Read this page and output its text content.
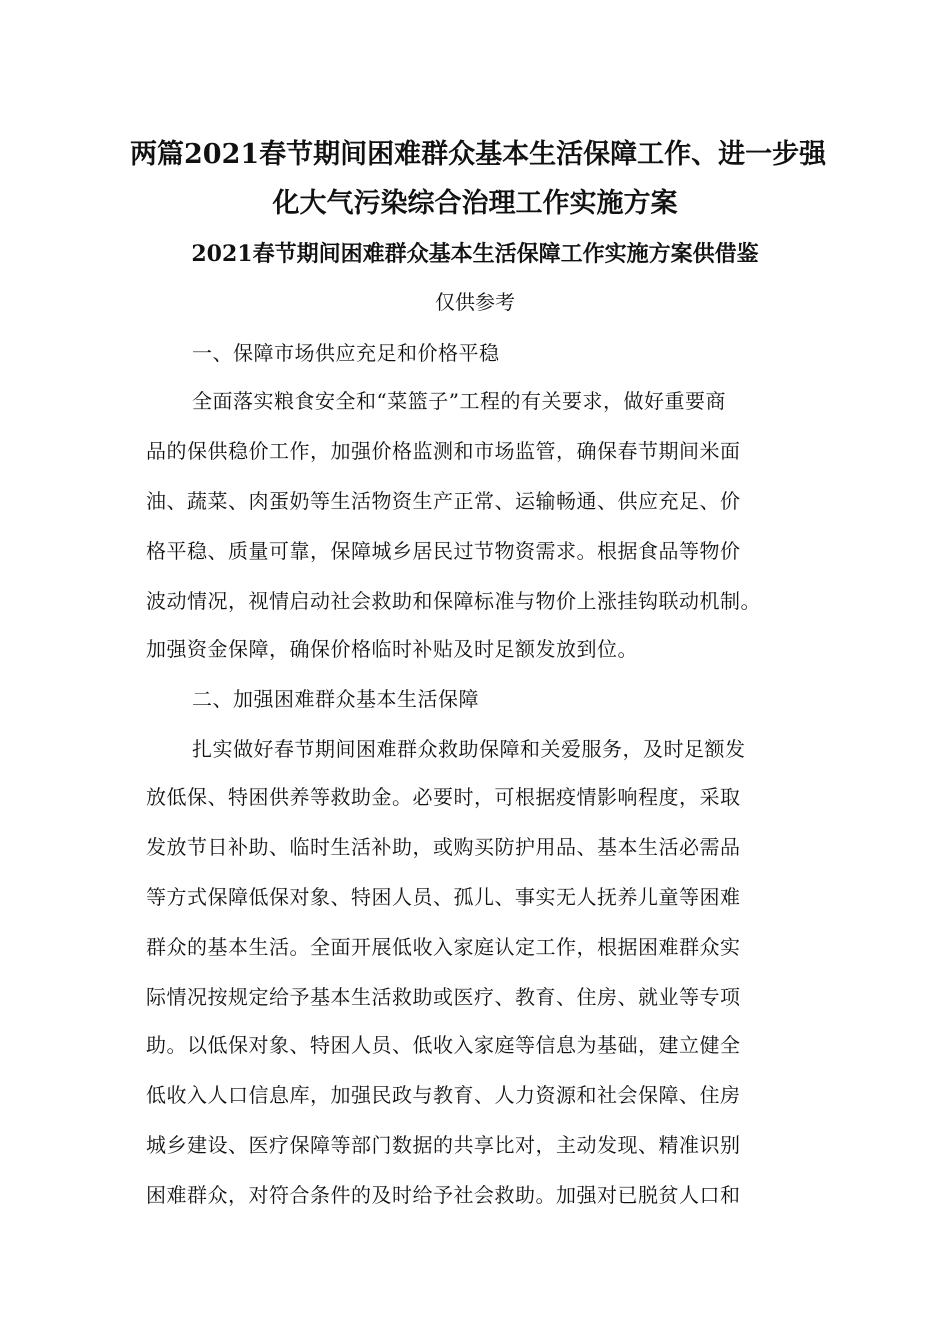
两篇2021春节期间困难群众基本生活保障工作、进一步强
化大气污染综合治理工作实施方案
2021春节期间困难群众基本生活保障工作实施方案供借鉴
仅供参考
一、保障市场供应充足和价格平稳
全面落实粮食安全和“菜篮子”工程的有关要求，做好重要商
品的保供稳价工作，加强价格监测和市场监管，确保春节期间米面
油、蔬菜、肉蛋奶等生活物资生产正常、运输畅通、供应充足、价
格平稳、质量可靠，保障城乡居民过节物资需求。根据食品等物价
波动情况，视情启动社会救助和保障标准与物价上涨挂钩联动机制。
加强资金保障，确保价格临时补贴及时足额发放到位。
二、加强困难群众基本生活保障
扎实做好春节期间困难群众救助保障和关爱服务，及时足额发
放低保、特困供养等救助金。必要时，可根据疫情影响程度，采取
发放节日补助、临时生活补助，或购买防护用品、基本生活必需品
等方式保障低保对象、特困人员、孤儿、事实无人抚养儿童等困难
群众的基本生活。全面开展低收入家庭认定工作，根据困难群众实
际情况按规定给予基本生活救助或医疗、教育、住房、就业等专项
助。以低保对象、特困人员、低收入家庭等信息为基础，建立健全
低收入人口信息库，加强民政与教育、人力资源和社会保障、住房
城乡建设、医疗保障等部门数据的共享比对，主动发现、精准识别
困难群众，对符合条件的及时给予社会救助。加强对已脱贫人口和
